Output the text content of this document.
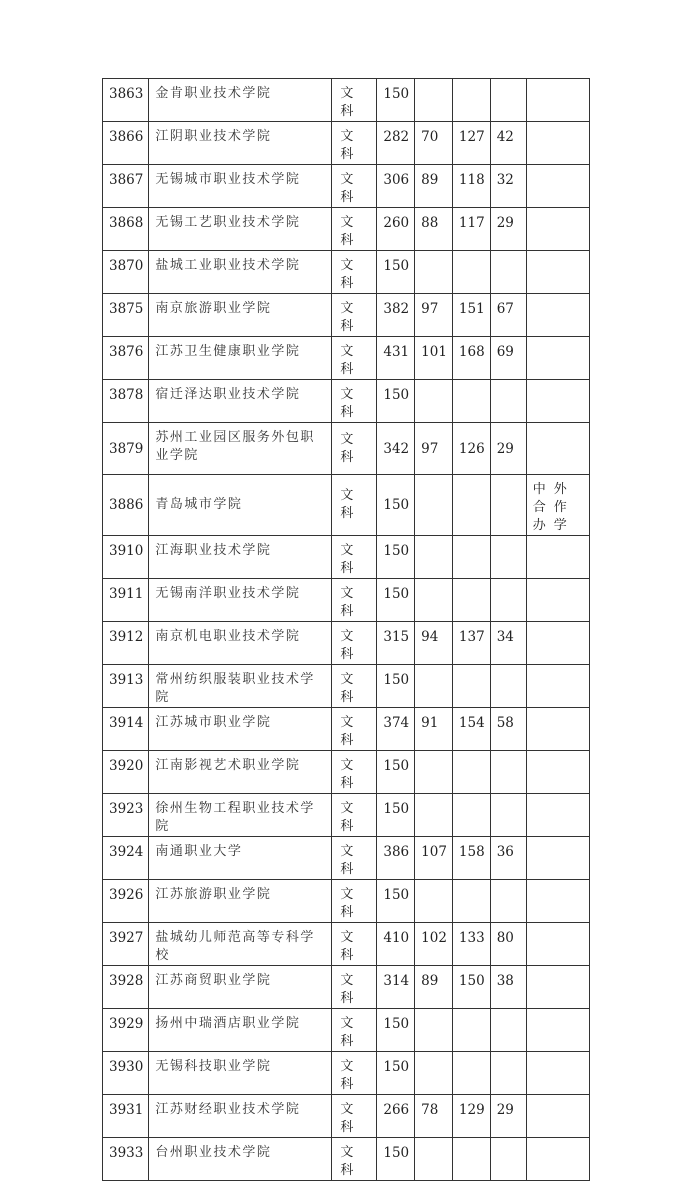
3863	金肯职业技术学院	文科	150				
3866	江阴职业技术学院	文科	282	70	127	42	
3867	无锡城市职业技术学院	文科	306	89	118	32	
3868	无锡工艺职业技术学院	文科	260	88	117	29	
3870	盐城工业职业技术学院	文科	150				
3875	南京旅游职业学院	文科	382	97	151	67	
3876	江苏卫生健康职业学院	文科	431	101	168	69	
3878	宿迁泽达职业技术学院	文科	150				
3879	苏州工业园区服务外包职业学院	文科	342	97	126	29	
3886	青岛城市学院	文科	150				中外合作办学
3910	江海职业技术学院	文科	150				
3911	无锡南洋职业技术学院	文科	150				
3912	南京机电职业技术学院	文科	315	94	137	34	
3913	常州纺织服装职业技术学院	文科	150				
3914	江苏城市职业学院	文科	374	91	154	58	
3920	江南影视艺术职业学院	文科	150				
3923	徐州生物工程职业技术学院	文科	150				
3924	南通职业大学	文科	386	107	158	36	
3926	江苏旅游职业学院	文科	150				
3927	盐城幼儿师范高等专科学校	文科	410	102	133	80	
3928	江苏商贸职业学院	文科	314	89	150	38	
3929	扬州中瑞酒店职业学院	文科	150				
3930	无锡科技职业学院	文科	150				
3931	江苏财经职业技术学院	文科	266	78	129	29	
3933	台州职业技术学院	文科	150				
